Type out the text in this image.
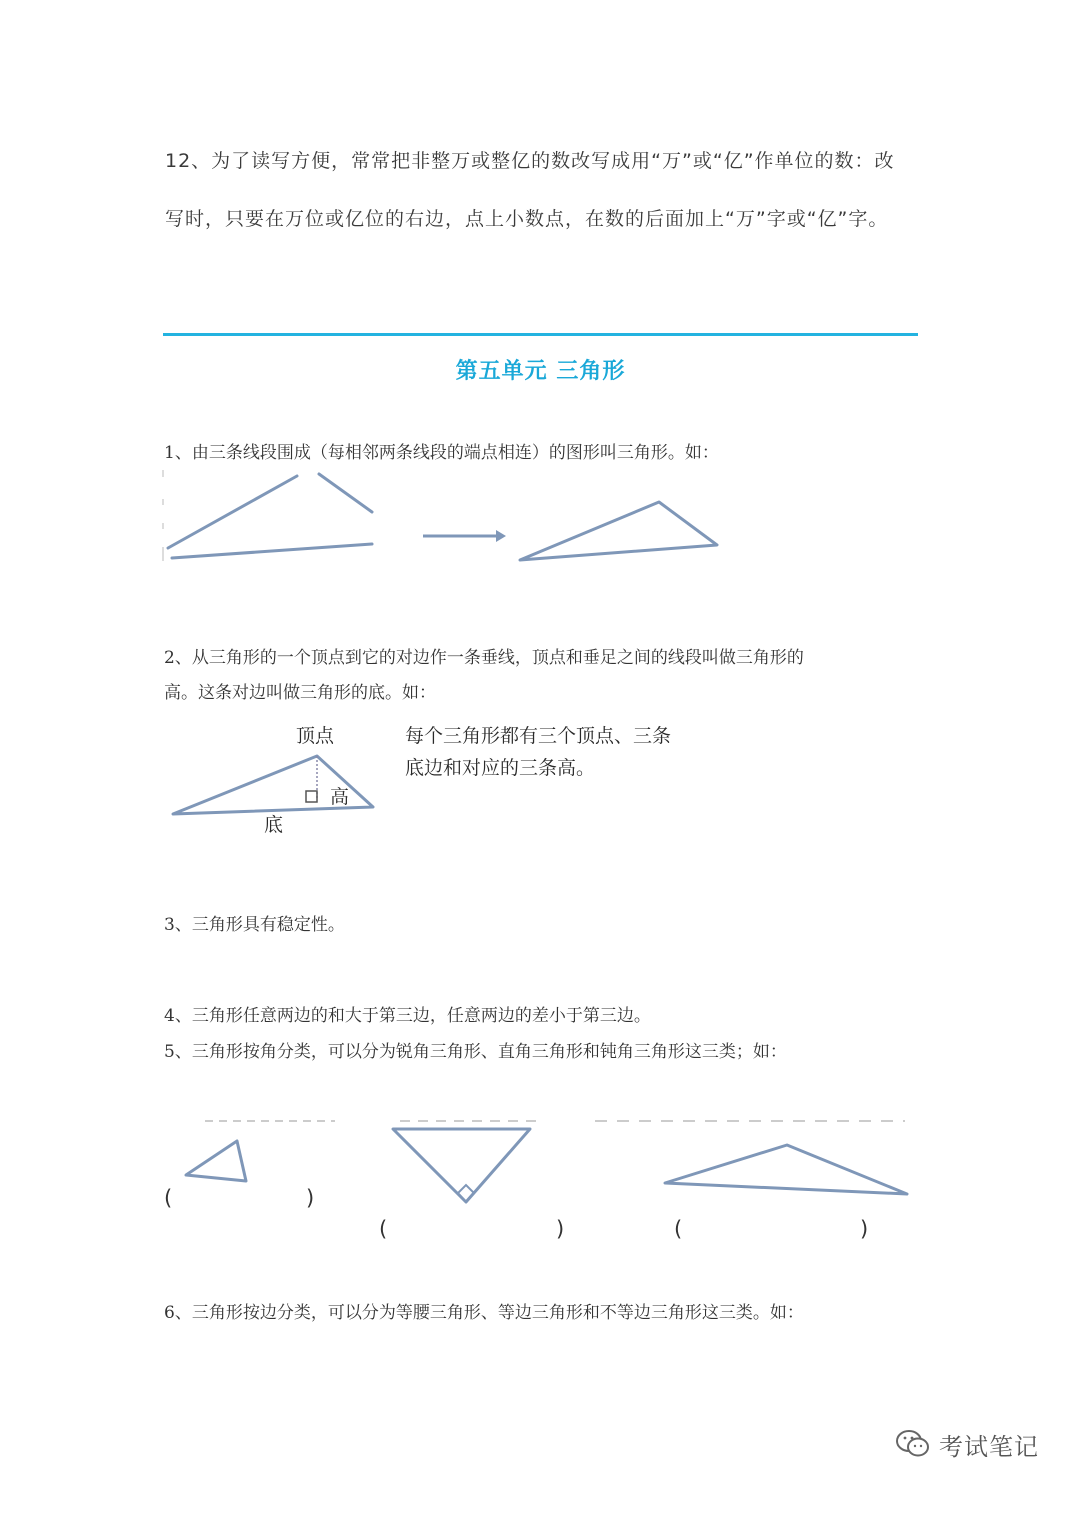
12、为了读写方便，常常把非整万或整亿的数改写成用“万”或“亿”作单位的数：改
写时，只要在万位或亿位的右边，点上小数点，在数的后面加上“万”字或“亿”字。
第五单元 三角形
1、由三条线段围成（每相邻两条线段的端点相连）的图形叫三角形。如：
2、从三角形的一个顶点到它的对边作一条垂线，顶点和垂足之间的线段叫做三角形的
高。这条对边叫做三角形的底。如：
顶点
高
底
每个三角形都有三个顶点、三条
底边和对应的三条高。
3、三角形具有稳定性。
4、三角形任意两边的和大于第三边，任意两边的差小于第三边。
5、三角形按角分类，可以分为锐角三角形、直角三角形和钝角三角形这三类；如：
(	)
(	)	(	)
6、三角形按边分类，可以分为等腰三角形、等边三角形和不等边三角形这三类。如：
考试笔记
